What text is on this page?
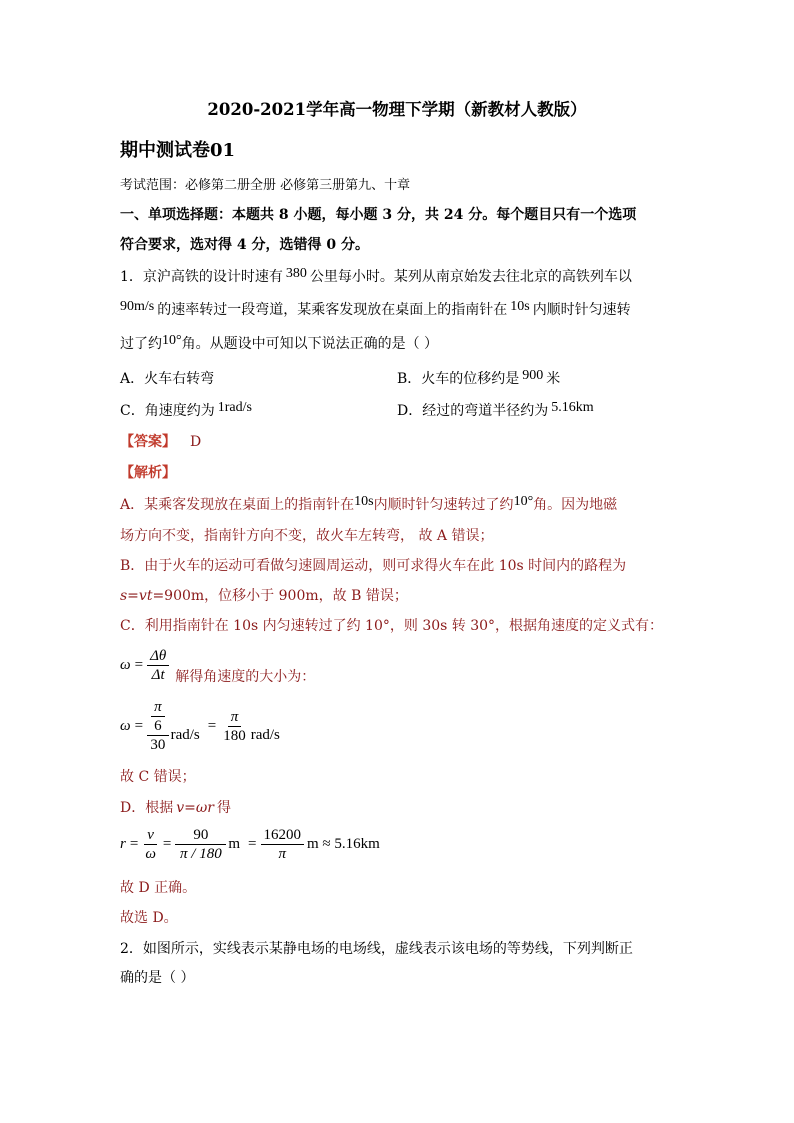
2020-2021学年高一物理下学期（新教材人教版）
期中测试卷01
考试范围：必修第二册全册 必修第三册第九、十章
一、单项选择题：本题共 8 小题，每小题 3 分，共 24 分。每个题目只有一个选项
符合要求，选对得 4 分，选错得 0 分。
1．京沪高铁的设计时速有 380 公里每小时。某列从南京始发去往北京的高铁列车以
90m/s 的速率转过一段弯道，某乘客发现放在桌面上的指南针在 10s 内顺时针匀速转
过了约10°角。从题设中可知以下说法正确的是（ ）
A．火车右转弯	B．火车的位移约是 900 米
C．角速度约为 1rad/s	D．经过的弯道半径约为 5.16km
【答案】 D
【解析】
A．某乘客发现放在桌面上的指南针在10s内顺时针匀速转过了约10°角。因为地磁
场方向不变，指南针方向不变，故火车左转弯， 故 A 错误；
B．由于火车的运动可看做匀速圆周运动，则可求得火车在此 10s 时间内的路程为
s=vt=900m，位移小于 900m，故 B 错误；
C．利用指南针在 10s 内匀速转过了约 10°，则 30s 转 30°，根据角速度的定义式有：
$\omega = \frac{\Delta\theta}{\Delta t}$ 解得角速度的大小为：
$\omega = \frac{\frac{\pi}{6}}{30} rad/s$
= $\frac{\pi}{180} rad/s$
故 C 错误；
D．根据 v=ωr 得
$r = \frac{v}{\omega} = \frac{90}{\pi / 180}$ $m = \frac{16200}{\pi}$ m ≈ 5.16km
故 D 正确。
故选 D。
2．如图所示，实线表示某静电场的电场线，虚线表示该电场的等势线，下列判断正
确的是（ ）
